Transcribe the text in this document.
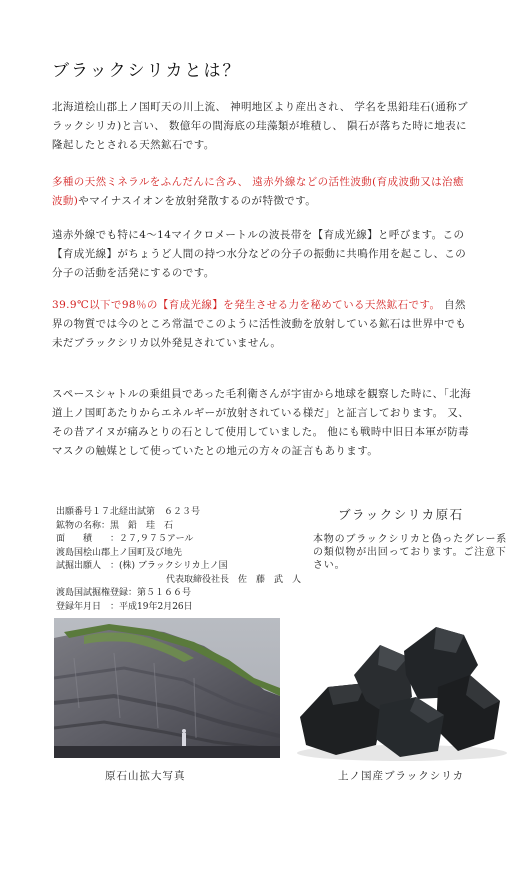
ブラックシリカとは？
北海道桧山郡上ノ国町天の川上流、 神明地区より産出され、 学名を黒鉛珪石(通称ブラックシリカ)と言い、 数億年の間海底の珪藻類が堆積し、 隕石が落ちた時に地表に隆起したとされる天然鉱石です。
多種の天然ミネラルをふんだんに含み、 遠赤外線などの活性波動(育成波動又は治癒波動)やマイナスイオンを放射発散するのが特徴です。
遠赤外線でも特に4～14マイクロメートルの波長帯を【育成光線】と呼びます。この【育成光線】がちょうど人間の持つ水分などの分子の振動に共鳴作用を起こし、この分子の活動を活発にするのです。
39.9℃以下で98％の【育成光線】を発生させる力を秘めている天然鉱石です。 自然界の物質では今のところ常温でこのように活性波動を放射している鉱石は世界中でも未だブラックシリカ以外発見されていません。
スペースシャトルの乗組員であった毛利衛さんが宇宙から地球を観察した時に、「北海道上ノ国町あたりからエネルギーが放射されている様だ」と証言しております。 又、 その昔アイヌが痛みとりの石として使用していました。 他にも戦時中旧日本軍が防毒マスクの触媒として使っていたとの地元の方々の証言もあります。
出願番号１７北経出試第　６２３号
鉱物の名称： 黒　鉛　珪　石
面　　積　　： ２７,９７５アール
渡島国桧山郡上ノ国町及び地先
試掘出願人　： (株) ブラックシリカ上ノ国
代表取締役社長　佐　藤　武　人
渡島国試掘権登録：第５１６６号
登録年月日　： 平成19年2月26日
ブラックシリカ原石
本物のブラックシリカと偽ったグレー系の類似物が出回っております。ご注意下さい。
原石山拡大写真	上ノ国産ブラックシリカ
